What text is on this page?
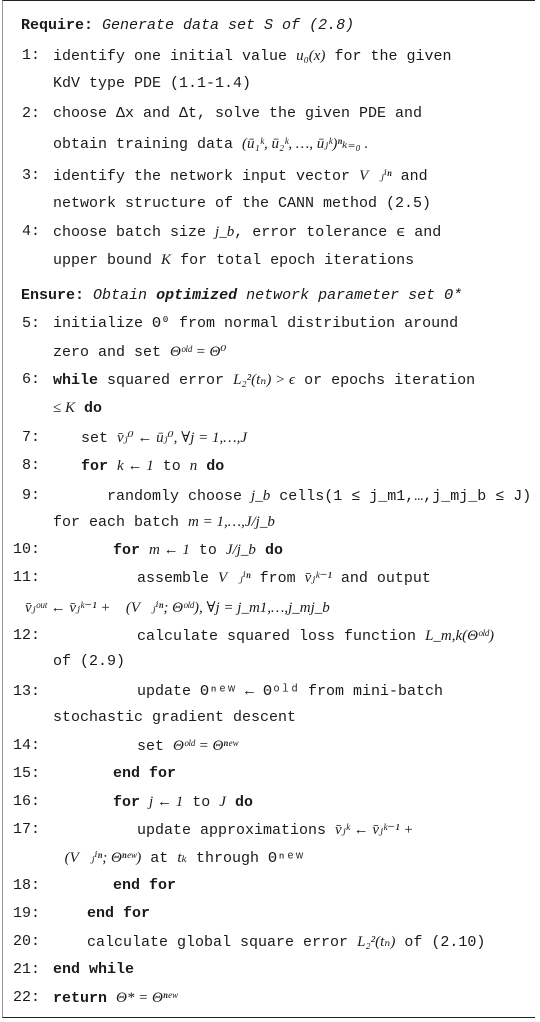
Require: Generate data set S of (2.8)
1: identify one initial value u₀(x) for the given
KdV type PDE (1.1-1.4)
2: choose Δx and Δt, solve the given PDE and
obtain training data (ū₁ᵏ, ū₂ᵏ, …, ūⱼᵏ)ⁿₖ₌₀ .
3: identify the network input vector V⃗ⱼⁱⁿ and
network structure of the CANN method (2.5)
4: choose batch size j_b, error tolerance ϵ and
upper bound K for total epoch iterations
Ensure: Obtain optimized network parameter set Θ*
5: initialize Θ⁰ from normal distribution around
zero and set Θᵒˡᵈ = Θ⁰
6: while squared error L₂²(tₙ) > ϵ or epochs iteration
≤ K do
7:	set v̄ⱼ⁰ ← ūⱼ⁰, ∀j = 1,…,J
8:	for k ← 1 to n do
9:	randomly choose j_b cells(1 ≤ j_m1,…,j_mj_b ≤ J)
for each batch m = 1,…,J/j_b
10:	for m ← 1 to J/j_b do
11:	assemble V⃗ⱼⁱⁿ from v̄ⱼᵏ⁻¹ and output
v̄ⱼᵒᵘᵗ ← v̄ⱼᵏ⁻¹ + 𝒩(V⃗ⱼⁱⁿ; Θᵒˡᵈ), ∀j = j_m1,…,j_mj_b
12:	calculate squared loss function L_m,k(Θᵒˡᵈ)
of (2.9)
13:	update Θⁿᵉʷ ← Θᵒˡᵈ from mini-batch
stochastic gradient descent
14:	set Θᵒˡᵈ = Θⁿᵉʷ
15:	end for
16:	for j ← 1 to J do
17:	update approximations v̄ⱼᵏ ← v̄ⱼᵏ⁻¹ +
𝒩(V⃗ⱼⁱⁿ; Θⁿᵉʷ) at tₖ through Θⁿᵉʷ
18:	end for
19:	end for
20:	calculate global square error L₂²(tₙ) of (2.10)
21: end while
22: return Θ* = Θⁿᵉʷ
